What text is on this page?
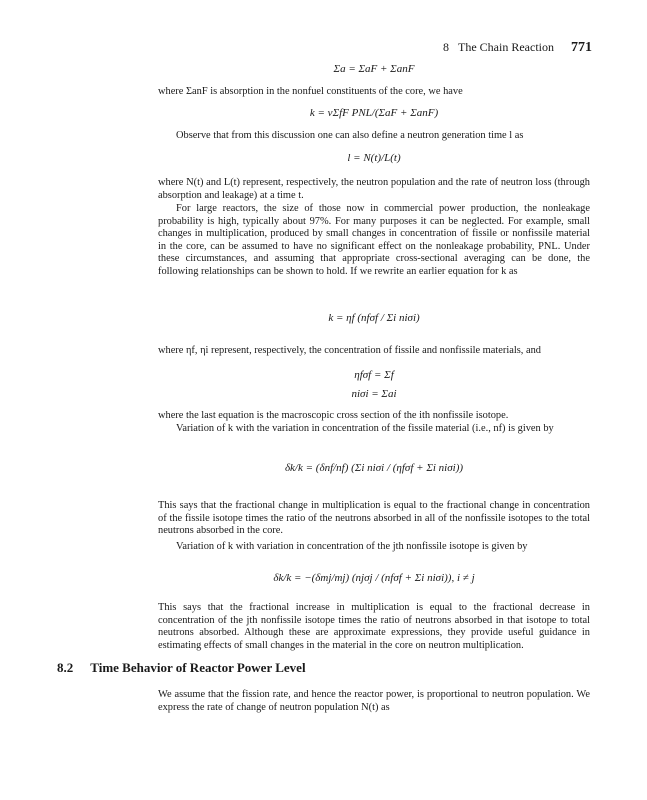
8 The Chain Reaction 771
Σa = ΣaF + ΣanF

where ΣanF is absorption in the nonfuel constituents of the core, we have

k = νΣfF PNL/(ΣaF + ΣanF)

Observe that from this discussion one can also define a neutron generation time l as

l = N(t)/L(t)

where N(t) and L(t) represent, respectively, the neutron population and the rate of neutron loss (through absorption and leakage) at a time t.

For large reactors, the size of those now in commercial power production, the nonleakage probability is high, typically about 97%. For many purposes it can be neglected. For example, small changes in multiplication, produced by small changes in concentration of fissile or nonfissile material in the core, can be assumed to have no significant effect on the nonleakage probability, PNL. Under these circumstances, and assuming that appropriate cross-sectional averaging can be done, the following relationships can be shown to hold. If we rewrite an earlier equation for k as

k = ηf (nfσf / Σi niσi)

where ηf, ηi represent, respectively, the concentration of fissile and nonfissile materials, and

ηfσf = Σf
niσi = Σai

where the last equation is the macroscopic cross section of the ith nonfissile isotope.

Variation of k with the variation in concentration of the fissile material (i.e., nf) is given by

δk/k = (δnf/nf) (Σi niσi / (ηfσf + Σi niσi))

This says that the fractional change in multiplication is equal to the fractional change in concentration of the fissile isotope times the ratio of the neutrons absorbed in all of the nonfissile isotopes to the total neutrons absorbed in the core.

Variation of k with variation in concentration of the jth nonfissile isotope is given by

δk/k = −(δmj/mj) (njσj / (nfσf + Σi niσi)), i ≠ j

This says that the fractional increase in multiplication is equal to the fractional decrease in concentration of the jth nonfissile isotope times the ratio of neutrons absorbed in that isotope to total neutrons absorbed. Although these are approximate expressions, they provide useful guidance in estimating effects of small changes in the material in the core on neutron multiplication.

8.2 Time Behavior of Reactor Power Level

We assume that the fission rate, and hence the reactor power, is proportional to neutron population. We express the rate of change of neutron population N(t) as
